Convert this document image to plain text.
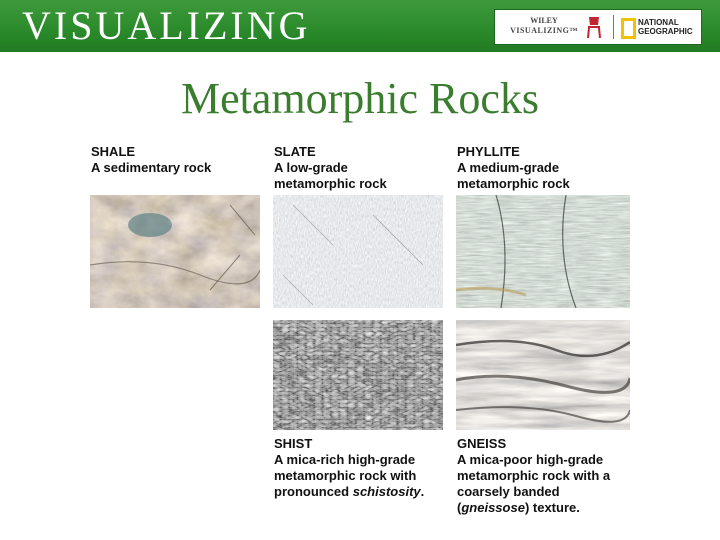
VISUALIZING	WILEY
VISUALIZING™
NATIONAL
GEOGRAPHIC
Metamorphic Rocks
SHALE
A sedimentary rock
SLATE
A low-grade
metamorphic rock
PHYLLITE
A medium-grade
metamorphic rock
SHIST
A mica-rich high-grade
metamorphic rock with
pronounced schistosity.
GNEISS
A mica-poor high-grade
metamorphic rock with a
coarsely banded
(gneissose) texture.
